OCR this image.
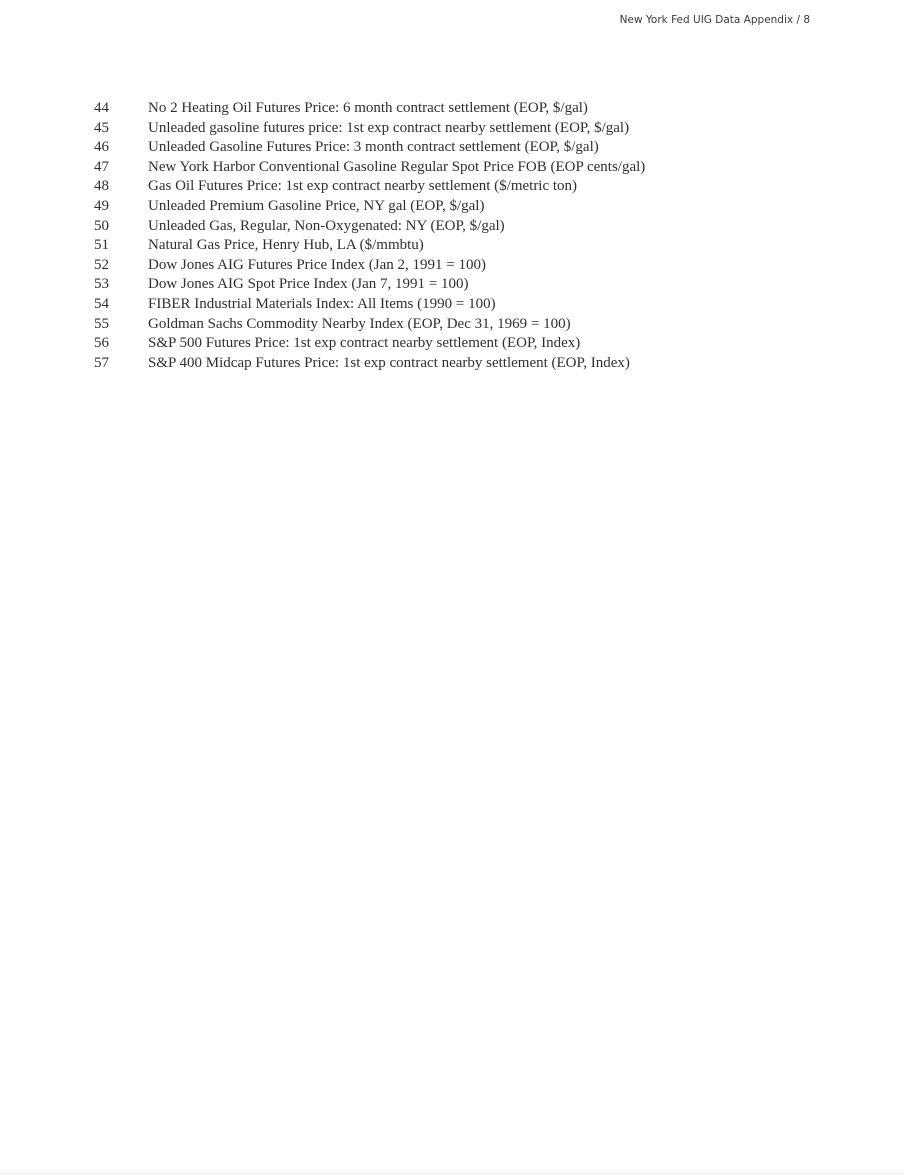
New York Fed UIG Data Appendix / 8
44	No 2 Heating Oil Futures Price: 6 month contract settlement (EOP, $/gal)
45	Unleaded gasoline futures price: 1st exp contract nearby settlement (EOP, $/gal)
46	Unleaded Gasoline Futures Price: 3 month contract settlement (EOP, $/gal)
47	New York Harbor Conventional Gasoline Regular Spot Price FOB (EOP cents/gal)
48	Gas Oil Futures Price: 1st exp contract nearby settlement ($/metric ton)
49	Unleaded Premium Gasoline Price, NY gal (EOP, $/gal)
50	Unleaded Gas, Regular, Non-Oxygenated: NY (EOP, $/gal)
51	Natural Gas Price, Henry Hub, LA ($/mmbtu)
52	Dow Jones AIG Futures Price Index (Jan 2, 1991 = 100)
53	Dow Jones AIG Spot Price Index (Jan 7, 1991 = 100)
54	FIBER Industrial Materials Index: All Items (1990 = 100)
55	Goldman Sachs Commodity Nearby Index (EOP, Dec 31, 1969 = 100)
56	S&P 500 Futures Price: 1st exp contract nearby settlement (EOP, Index)
57	S&P 400 Midcap Futures Price: 1st exp contract nearby settlement (EOP, Index)
